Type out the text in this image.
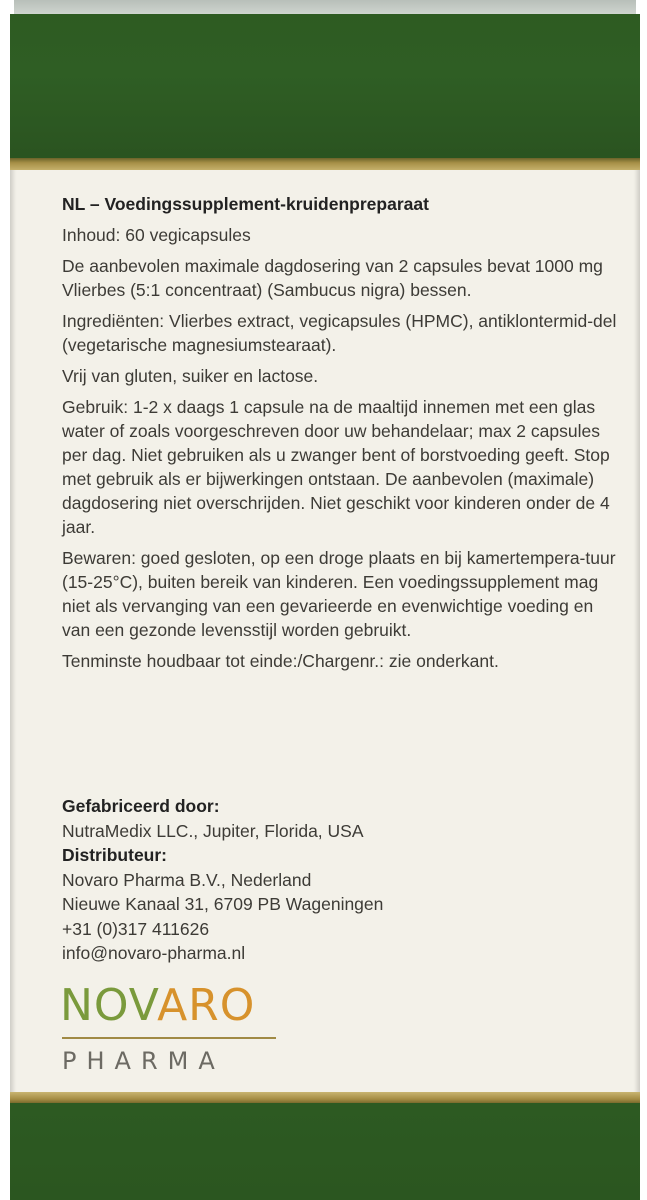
NL – Voedingssupplement-kruidenpreparaat

Inhoud: 60 vegicapsules

De aanbevolen maximale dagdosering van 2 capsules bevat 1000 mg Vlierbes (5:1 concentraat) (Sambucus nigra) bessen.

Ingrediënten: Vlierbes extract, vegicapsules (HPMC), antiklontermid-del (vegetarische magnesiumstearaat).

Vrij van gluten, suiker en lactose.

Gebruik: 1-2 x daags 1 capsule na de maaltijd innemen met een glas water of zoals voorgeschreven door uw behandelaar; max 2 capsules per dag. Niet gebruiken als u zwanger bent of borstvoeding geeft. Stop met gebruik als er bijwerkingen ontstaan. De aanbevolen (maximale) dagdosering niet overschrijden. Niet geschikt voor kinderen onder de 4 jaar.

Bewaren: goed gesloten, op een droge plaats en bij kamertempera-tuur (15-25°C), buiten bereik van kinderen. Een voedingssupplement mag niet als vervanging van een gevarieerde en evenwichtige voeding en van een gezonde levensstijl worden gebruikt.

Tenminste houdbaar tot einde:/Chargenr.: zie onderkant.

Gefabriceerd door:
NutraMedix LLC., Jupiter, Florida, USA
Distributeur:
Novaro Pharma B.V., Nederland
Nieuwe Kanaal 31, 6709 PB Wageningen
+31 (0)317 411626
info@novaro-pharma.nl
NOVARO
PHARMA
